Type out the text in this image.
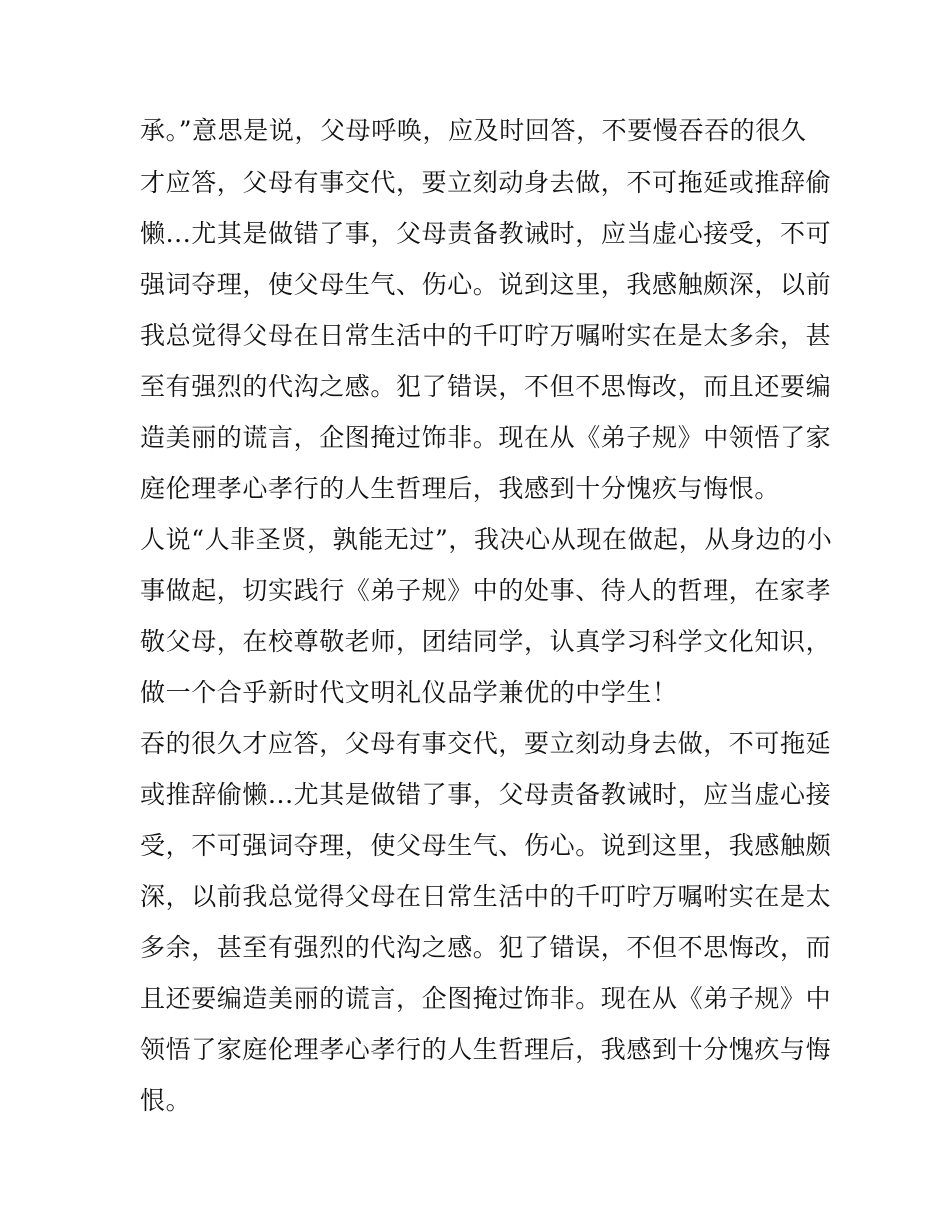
承。”意思是说，父母呼唤，应及时回答，不要慢吞吞的很久
才应答，父母有事交代，要立刻动身去做，不可拖延或推辞偷
懒...尤其是做错了事，父母责备教诫时，应当虚心接受，不可
强词夺理，使父母生气、伤心。说到这里，我感触颇深，以前
我总觉得父母在日常生活中的千叮咛万嘱咐实在是太多余，甚
至有强烈的代沟之感。犯了错误，不但不思悔改，而且还要编
造美丽的谎言，企图掩过饰非。现在从《弟子规》中领悟了家
庭伦理孝心孝行的人生哲理后，我感到十分愧疚与悔恨。
人说“人非圣贤，孰能无过”，我决心从现在做起，从身边的小
事做起，切实践行《弟子规》中的处事、待人的哲理，在家孝
敬父母，在校尊敬老师，团结同学，认真学习科学文化知识，
做一个合乎新时代文明礼仪品学兼优的中学生！
吞的很久才应答，父母有事交代，要立刻动身去做，不可拖延
或推辞偷懒...尤其是做错了事，父母责备教诫时，应当虚心接
受，不可强词夺理，使父母生气、伤心。说到这里，我感触颇
深，以前我总觉得父母在日常生活中的千叮咛万嘱咐实在是太
多余，甚至有强烈的代沟之感。犯了错误，不但不思悔改，而
且还要编造美丽的谎言，企图掩过饰非。现在从《弟子规》中
领悟了家庭伦理孝心孝行的人生哲理后，我感到十分愧疚与悔
恨。
